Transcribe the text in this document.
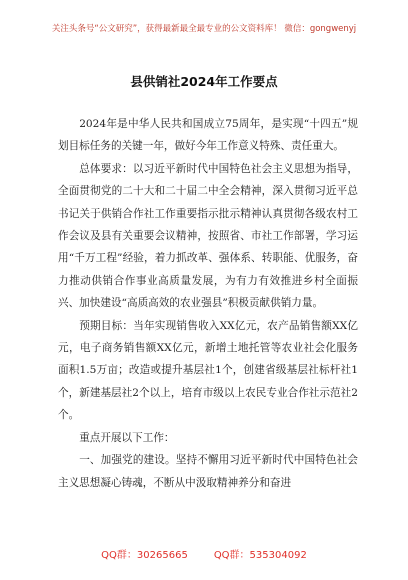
关注头条号“公文研究”，获得最新最全最专业的公文资料库！ 微信：gongwenyj
县供销社2024年工作要点

2024年是中华人民共和国成立75周年，是实现“十四五”规划目标任务的关键一年，做好今年工作意义特殊、责任重大。

总体要求：以习近平新时代中国特色社会主义思想为指导，全面贯彻党的二十大和二十届二中全会精神，深入贯彻习近平总书记关于供销合作社工作重要指示批示精神认真贯彻各级农村工作会议及县有关重要会议精神，按照省、市社工作部署，学习运用“千万工程”经验，着力抓改革、强体系、转职能、优服务，奋力推动供销合作事业高质量发展，为有力有效推进乡村全面振兴、加快建设“高质高效的农业强县”积极贡献供销力量。

预期目标：当年实现销售收入XX亿元，农产品销售额XX亿元，电子商务销售额XX亿元，新增土地托管等农业社会化服务面积1.5万亩；改造或提升基层社1个，创建省级基层社标杆社1个，新建基层社2个以上，培育市级以上农民专业合作社示范社2个。

重点开展以下工作：

一、加强党的建设。坚持不懈用习近平新时代中国特色社会主义思想凝心铸魂，不断从中汲取精神养分和奋进

QQ群：30265665	QQ群：535304092
